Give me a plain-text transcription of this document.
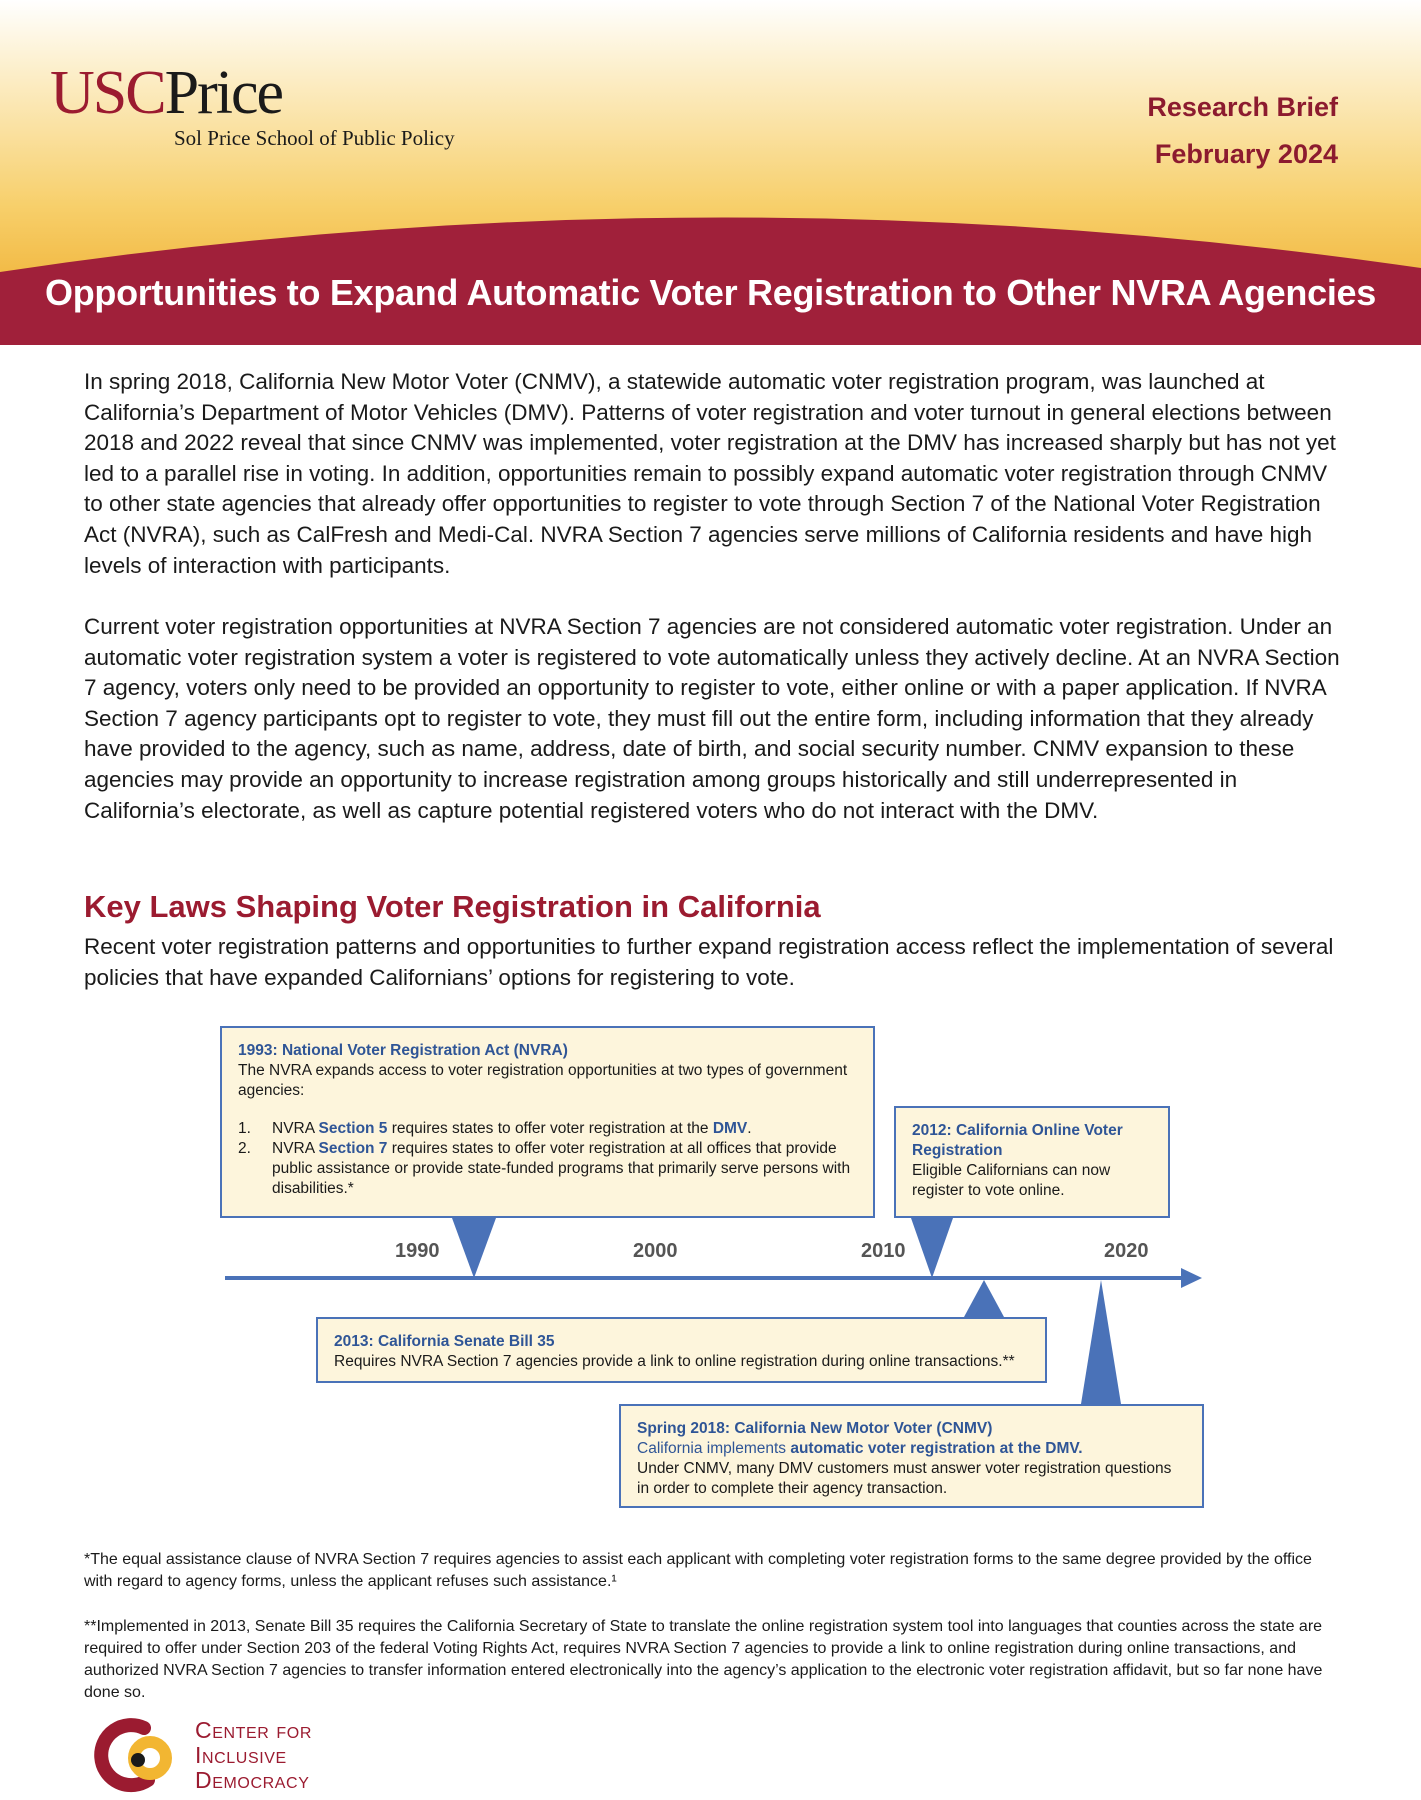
USCPrice
Sol Price School of Public Policy
Research Brief
February 2024
Opportunities to Expand Automatic Voter Registration to Other NVRA Agencies

In spring 2018, California New Motor Voter (CNMV), a statewide automatic voter registration program, was launched at California’s Department of Motor Vehicles (DMV). Patterns of voter registration and voter turnout in general elections between 2018 and 2022 reveal that since CNMV was implemented, voter registration at the DMV has increased sharply but has not yet led to a parallel rise in voting. In addition, opportunities remain to possibly expand automatic voter registration through CNMV to other state agencies that already offer opportunities to register to vote through Section 7 of the National Voter Registration Act (NVRA), such as CalFresh and Medi-Cal. NVRA Section 7 agencies serve millions of California residents and have high levels of interaction with participants.

Current voter registration opportunities at NVRA Section 7 agencies are not considered automatic voter registration. Under an automatic voter registration system a voter is registered to vote automatically unless they actively decline. At an NVRA Section 7 agency, voters only need to be provided an opportunity to register to vote, either online or with a paper application. If NVRA Section 7 agency participants opt to register to vote, they must fill out the entire form, including information that they already have provided to the agency, such as name, address, date of birth, and social security number. CNMV expansion to these agencies may provide an opportunity to increase registration among groups historically and still underrepresented in California’s electorate, as well as capture potential registered voters who do not interact with the DMV.

Key Laws Shaping Voter Registration in California

Recent voter registration patterns and opportunities to further expand registration access reflect the implementation of several policies that have expanded Californians’ options for registering to vote.

1990	2000	2010	2020
1993: National Voter Registration Act (NVRA)
The NVRA expands access to voter registration opportunities at two types of government agencies:
1. NVRA Section 5 requires states to offer voter registration at the DMV.
2. NVRA Section 7 requires states to offer voter registration at all offices that provide public assistance or provide state-funded programs that primarily serve persons with disabilities.*
2012: California Online Voter Registration
Eligible Californians can now register to vote online.
2013: California Senate Bill 35
Requires NVRA Section 7 agencies provide a link to online registration during online transactions.**
Spring 2018: California New Motor Voter (CNMV)
California implements automatic voter registration at the DMV.
Under CNMV, many DMV customers must answer voter registration questions in order to complete their agency transaction.

*The equal assistance clause of NVRA Section 7 requires agencies to assist each applicant with completing voter registration forms to the same degree provided by the office with regard to agency forms, unless the applicant refuses such assistance.¹

**Implemented in 2013, Senate Bill 35 requires the California Secretary of State to translate the online registration system tool into languages that counties across the state are required to offer under Section 203 of the federal Voting Rights Act, requires NVRA Section 7 agencies to provide a link to online registration during online transactions, and authorized NVRA Section 7 agencies to transfer information entered electronically into the agency’s application to the electronic voter registration affidavit, but so far none have done so.

Center for
Inclusive
Democracy
